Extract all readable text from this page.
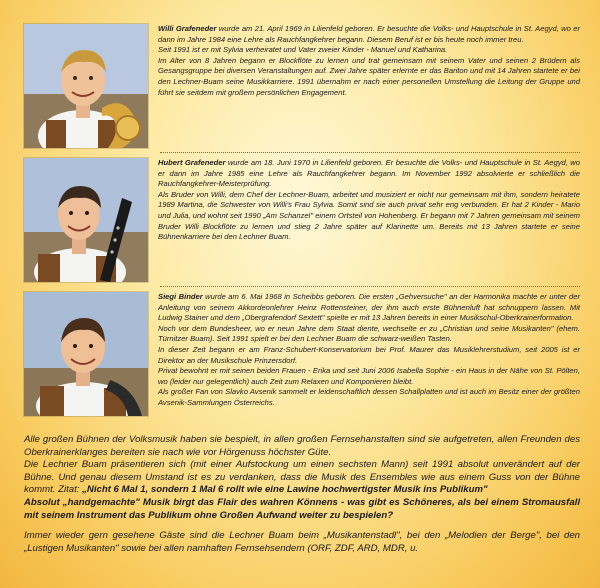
Willi Grafeneder wurde am 21. April 1969 in Lilienfeld geboren. Er besuchte die Volks- und Hauptschule in St. Aegyd, wo er dann im Jahre 1984 eine Lehre als Rauchfangkehrer begann. Diesem Beruf ist er bis heute noch immer treu.

Seit 1991 ist er mit Sylvia verheiratet und Vater zweier Kinder - Manuel und Katharina.

Im Alter von 8 Jahren begann er Blockflöte zu lernen und trat gemeinsam mit seinem Vater und seinen 2 Brüdern als Gesangsgruppe bei diversen Veranstaltungen auf. Zwei Jahre später erlernte er das Bariton und mit 14 Jahren startete er bei den Lechner-Buam seine Musikkarriere. 1991 übernahm er nach einer personellen Umstellung die Leitung der Gruppe und führt sie seitdem mit großem persönlichen Engagement.

Hubert Grafeneder wurde am 18. Juni 1970 in Lilienfeld geboren. Er besuchte die Volks- und Hauptschule in St. Aegyd, wo er dann im Jahre 1985 eine Lehre als Rauchfangkehrer begann. Im November 1992 absolvierte er schließlich die Rauchfangkehrer-Meisterprüfung.

Als Bruder von Willi, dem Chef der Lechner-Buam, arbeitet und musiziert er nicht nur gemeinsam mit ihm, sondern heiratete 1989 Martina, die Schwester von Willi's Frau Sylvia. Somit sind sie auch privat sehr eng verbunden. Er hat 2 Kinder - Mario und Julia, und wohnt seit 1990 „Am Schanzel" einem Ortsteil von Hohenberg. Er begann mit 7 Jahren gemeinsam mit seinem Bruder Willi Blockflöte zu lernen und stieg 2 Jahre später auf Klarinette um. Bereits mit 13 Jahren startete er seine Bühnenkarriere bei den Lechner Buam.

Siegi Binder wurde am 6. Mai 1968 in Scheibbs geboren. Die ersten „Gehversuche" an der Harmonika machte er unter der Anleitung von seinem Akkordeonlehrer Heinz Rottensteiner, der ihm auch erste Bühnenluft hat schnuppern lassen. Mit Ludwig Stainer und dem „Obergrafendorf Sextett" spielte er mit 13 Jahren bereits in einer Musikschul-Oberkrainerformation.

Noch vor dem Bundesheer, wo er neun Jahre dem Staat diente, wechselte er zu „Christian und seine Musikanten" (ehem. Türnitzer Buam). Seit 1991 spielt er bei den Lechner Buam die schwarz-weißen Tasten.

In dieser Zeit begann er am Franz-Schubert-Konservatorium bei Prof. Maurer das Musiklehrerstudium, seit 2005 ist er Direktor an der Musikschule Prinzersdorf.

Privat bewohnt er mit seinen beiden Frauen - Erika und seit Juni 2006 Isabella Sophie - ein Haus in der Nähe von St. Pölten, wo (leider nur gelegentlich) auch Zeit zum Relaxen und Komponieren bleibt.

Als großer Fan von Slavko Avsenik sammelt er leidenschaftlich dessen Schallplatten und ist auch im Besitz einer der größten Avsenik-Sammlungen Österreichs.

Alle großen Bühnen der Volksmusik haben sie bespielt, in allen großen Fernsehanstalten sind sie aufgetreten, allen Freunden des Oberkrainerklanges bereiten sie nach wie vor Hörgenuss höchster Güte.

Die Lechner Buam präsentieren sich (mit einer Aufstockung um einen sechsten Mann) seit 1991 absolut unverändert auf der Bühne. Und genau diesem Umstand ist es zu verdanken, dass die Musik des Ensembles wie aus einem Guss von der Bühne kommt. Zitat: „Nicht 6 Mal 1, sondern 1 Mal 6 rollt wie eine Lawine hochwertigster Musik ins Publikum"

Absolut „handgemachte" Musik birgt das Flair des wahren Könnens - was gibt es Schöneres, als bei einem Stromausfall mit seinem Instrument das Publikum ohne Großen Aufwand weiter zu bespielen?

Immer wieder gern gesehene Gäste sind die Lechner Buam beim „Musikantenstadl", bei den „Melodien der Berge", bei den „Lustigen Musikanten" sowie bei allen namhaften Fernsehsendern (ORF, ZDF, ARD, MDR, u.
